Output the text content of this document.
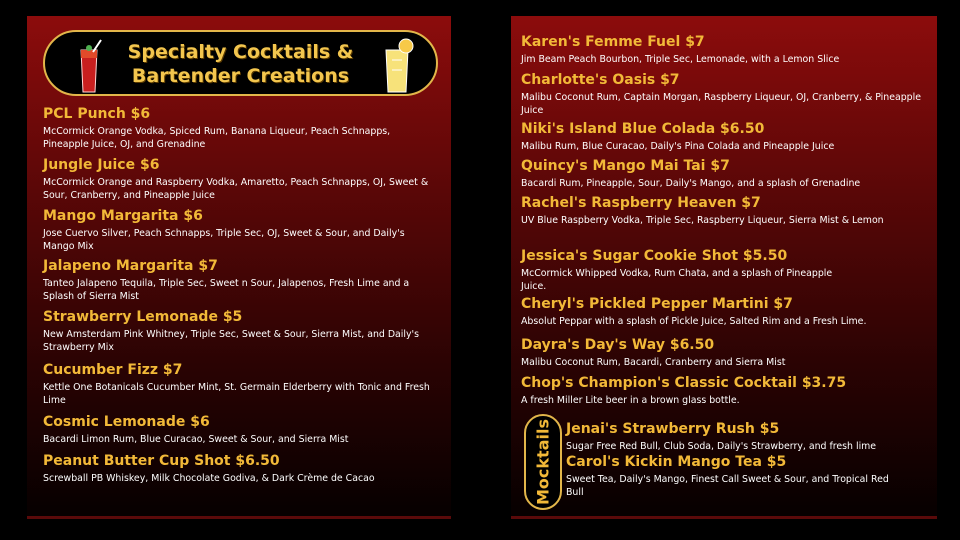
Specialty Cocktails &
Bartender Creations
PCL Punch $6
McCormick Orange Vodka, Spiced Rum, Banana Liqueur, Peach Schnapps, Pineapple Juice, OJ, and Grenadine
Jungle Juice $6
McCormick Orange and Raspberry Vodka, Amaretto, Peach Schnapps, OJ, Sweet & Sour, Cranberry, and Pineapple Juice
Mango Margarita $6
Jose Cuervo Silver, Peach Schnapps, Triple Sec, OJ, Sweet & Sour, and Daily's Mango Mix
Jalapeno Margarita $7
Tanteo Jalapeno Tequila, Triple Sec, Sweet n Sour, Jalapenos, Fresh Lime and a Splash of Sierra Mist
Strawberry Lemonade $5
New Amsterdam Pink Whitney, Triple Sec, Sweet & Sour, Sierra Mist, and Daily's Strawberry Mix
Cucumber Fizz $7
Kettle One Botanicals Cucumber Mint, St. Germain Elderberry with Tonic and Fresh Lime
Cosmic Lemonade $6
Bacardi Limon Rum, Blue Curacao, Sweet & Sour, and Sierra Mist
Peanut Butter Cup Shot $6.50
Screwball PB Whiskey, Milk Chocolate Godiva, & Dark Crème de Cacao
Karen's Femme Fuel $7
Jim Beam Peach Bourbon, Triple Sec, Lemonade, with a Lemon Slice
Charlotte's Oasis $7
Malibu Coconut Rum, Captain Morgan, Raspberry Liqueur, OJ, Cranberry, & Pineapple Juice
Niki's Island Blue Colada $6.50
Malibu Rum, Blue Curacao, Daily's Pina Colada and Pineapple Juice
Quincy's Mango Mai Tai $7
Bacardi Rum, Pineapple, Sour, Daily's Mango, and a splash of Grenadine
Rachel's Raspberry Heaven $7
UV Blue Raspberry Vodka, Triple Sec, Raspberry Liqueur, Sierra Mist & Lemon
Jessica's Sugar Cookie Shot $5.50
McCormick Whipped Vodka, Rum Chata, and a splash of Pineapple Juice.
Cheryl's Pickled Pepper Martini $7
Absolut Peppar with a splash of Pickle Juice, Salted Rim and a Fresh Lime.
Dayra's Day's Way $6.50
Malibu Coconut Rum, Bacardi, Cranberry and Sierra Mist
Chop's Champion's Classic Cocktail $3.75
A fresh Miller Lite beer in a brown glass bottle.
Mocktails Jenai's Strawberry Rush $5
Sugar Free Red Bull, Club Soda, Daily's Strawberry, and fresh lime
Carol's Kickin Mango Tea $5
Sweet Tea, Daily's Mango, Finest Call Sweet & Sour, and Tropical Red Bull
